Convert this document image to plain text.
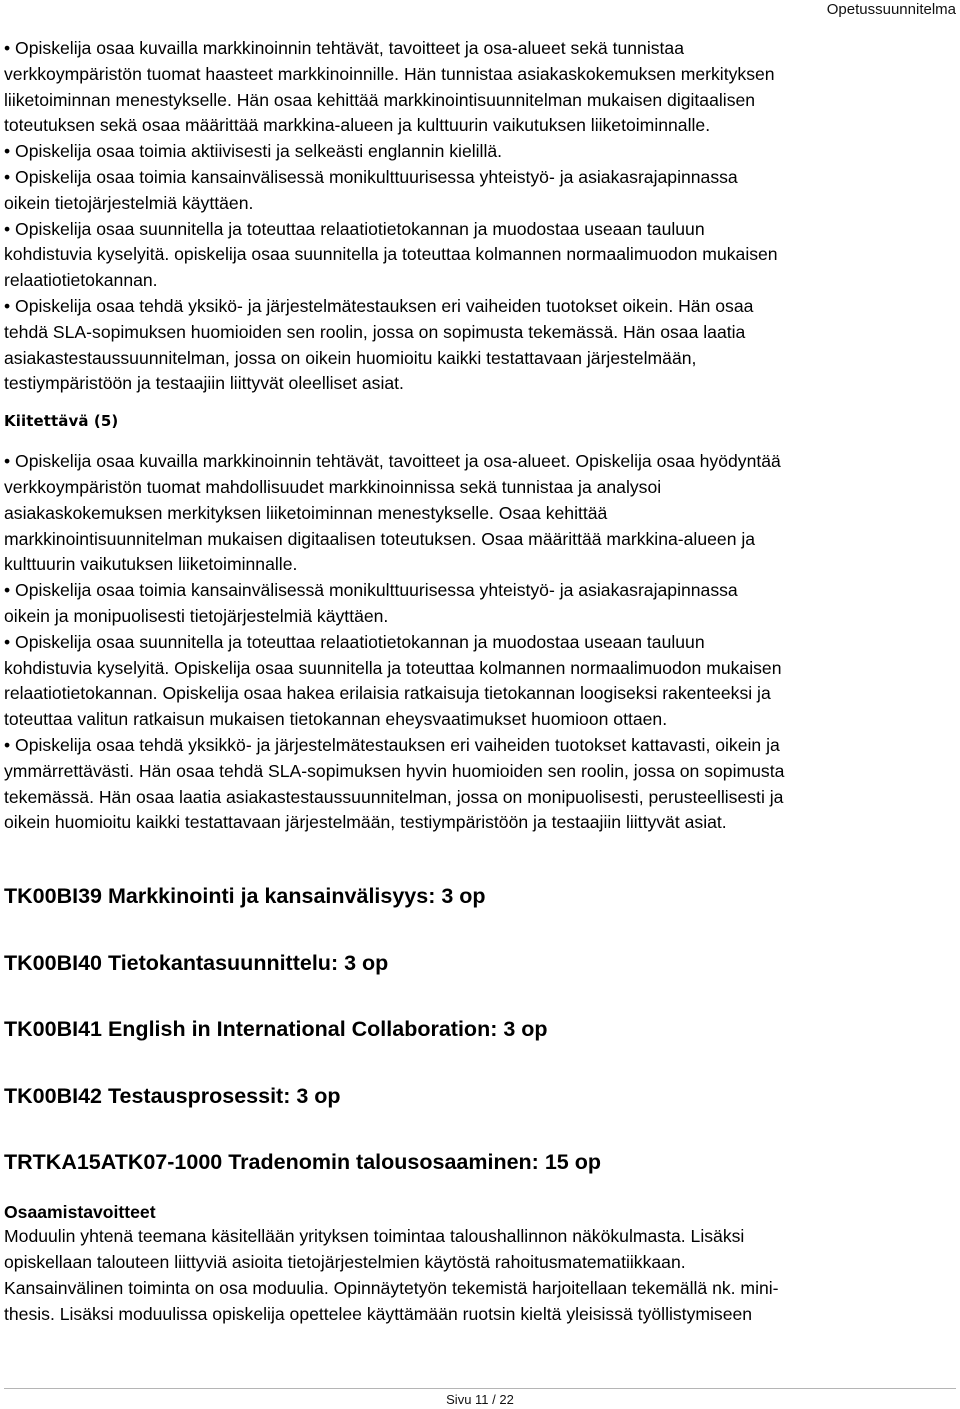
Opetussuunnitelma
• Opiskelija osaa kuvailla markkinoinnin tehtävät, tavoitteet ja osa-alueet sekä tunnistaa
verkkoympäristön tuomat haasteet markkinoinnille. Hän tunnistaa asiakaskokemuksen merkityksen
liiketoiminnan menestykselle. Hän osaa kehittää markkinointisuunnitelman mukaisen digitaalisen
toteutuksen sekä osaa määrittää markkina-alueen ja kulttuurin vaikutuksen liiketoiminnalle.
• Opiskelija osaa toimia aktiivisesti ja selkeästi englannin kielillä.
• Opiskelija osaa toimia kansainvälisessä monikulttuurisessa yhteistyö- ja asiakasrajapinnassa
oikein tietojärjestelmiä käyttäen.
• Opiskelija osaa suunnitella ja toteuttaa relaatiotietokannan ja muodostaa useaan tauluun
kohdistuvia kyselyitä. opiskelija osaa suunnitella ja toteuttaa kolmannen normaalimuodon mukaisen
relaatiotietokannan.
• Opiskelija osaa tehdä yksikö- ja järjestelmätestauksen eri vaiheiden tuotokset oikein. Hän osaa
tehdä SLA-sopimuksen huomioiden sen roolin, jossa on sopimusta tekemässä. Hän osaa laatia
asiakastestaussuunnitelman, jossa on oikein huomioitu kaikki testattavaan järjestelmään,
testiympäristöön ja testaajiin liittyvät oleelliset asiat.
Kiitettävä (5)
• Opiskelija osaa kuvailla markkinoinnin tehtävät, tavoitteet ja osa-alueet. Opiskelija osaa hyödyntää
verkkoympäristön tuomat mahdollisuudet markkinoinnissa sekä tunnistaa ja analysoi
asiakaskokemuksen merkityksen liiketoiminnan menestykselle. Osaa kehittää
markkinointisuunnitelman mukaisen digitaalisen toteutuksen. Osaa määrittää markkina-alueen ja
kulttuurin vaikutuksen liiketoiminnalle.
• Opiskelija osaa toimia kansainvälisessä monikulttuurisessa yhteistyö- ja asiakasrajapinnassa
oikein ja monipuolisesti tietojärjestelmiä käyttäen.
• Opiskelija osaa suunnitella ja toteuttaa relaatiotietokannan ja muodostaa useaan tauluun
kohdistuvia kyselyitä. Opiskelija osaa suunnitella ja toteuttaa kolmannen normaalimuodon mukaisen
relaatiotietokannan. Opiskelija osaa hakea erilaisia ratkaisuja tietokannan loogiseksi rakenteeksi ja
toteuttaa valitun ratkaisun mukaisen tietokannan eheysvaatimukset huomioon ottaen.
• Opiskelija osaa tehdä yksikkö- ja järjestelmätestauksen eri vaiheiden tuotokset kattavasti, oikein ja
ymmärrettävästi. Hän osaa tehdä SLA-sopimuksen hyvin huomioiden sen roolin, jossa on sopimusta
tekemässä. Hän osaa laatia asiakastestaussuunnitelman, jossa on monipuolisesti, perusteellisesti ja
oikein huomioitu kaikki testattavaan järjestelmään, testiympäristöön ja testaajiin liittyvät asiat.
TK00BI39 Markkinointi ja kansainvälisyys: 3 op
TK00BI40 Tietokantasuunnittelu: 3 op
TK00BI41 English in International Collaboration: 3 op
TK00BI42 Testausprosessit: 3 op
TRTKA15ATK07-1000 Tradenomin talousosaaminen: 15 op
Osaamistavoitteet
Moduulin yhtenä teemana käsitellään yrityksen toimintaa taloushallinnon näkökulmasta. Lisäksi
opiskellaan talouteen liittyviä asioita tietojärjestelmien käytöstä rahoitusmatematiikkaan.
Kansainvälinen toiminta on osa moduulia. Opinnäytetyön tekemistä harjoitellaan tekemällä nk. mini-
thesis. Lisäksi moduulissa opiskelija opettelee käyttämään ruotsin kieltä yleisissä työllistymiseen
Sivu 11 / 22
